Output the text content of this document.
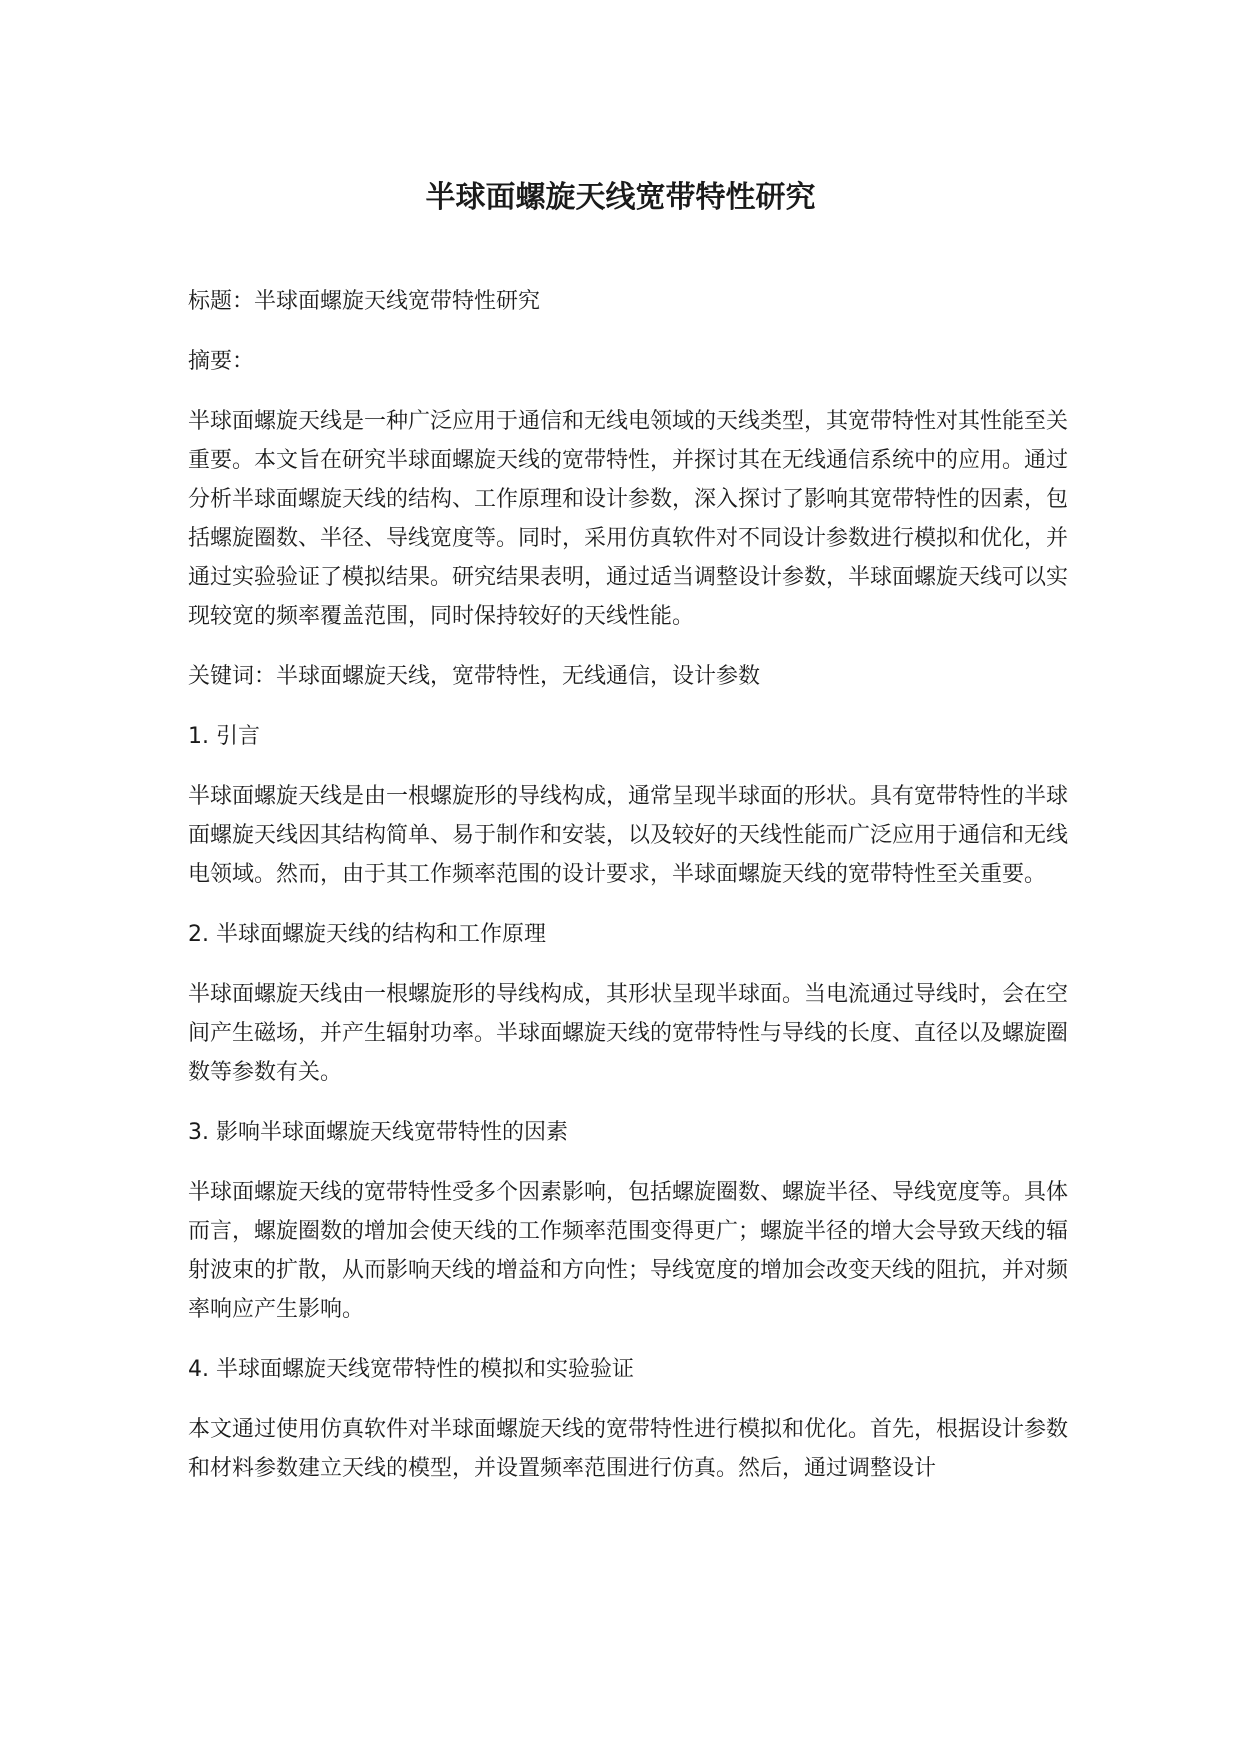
半球面螺旋天线宽带特性研究

标题：半球面螺旋天线宽带特性研究

摘要：

半球面螺旋天线是一种广泛应用于通信和无线电领域的天线类型，其宽带特性对其性能至关重要。本文旨在研究半球面螺旋天线的宽带特性，并探讨其在无线通信系统中的应用。通过分析半球面螺旋天线的结构、工作原理和设计参数，深入探讨了影响其宽带特性的因素，包括螺旋圈数、半径、导线宽度等。同时，采用仿真软件对不同设计参数进行模拟和优化，并通过实验验证了模拟结果。研究结果表明，通过适当调整设计参数，半球面螺旋天线可以实现较宽的频率覆盖范围，同时保持较好的天线性能。

关键词：半球面螺旋天线，宽带特性，无线通信，设计参数

1. 引言

半球面螺旋天线是由一根螺旋形的导线构成，通常呈现半球面的形状。具有宽带特性的半球面螺旋天线因其结构简单、易于制作和安装，以及较好的天线性能而广泛应用于通信和无线电领域。然而，由于其工作频率范围的设计要求，半球面螺旋天线的宽带特性至关重要。

2. 半球面螺旋天线的结构和工作原理

半球面螺旋天线由一根螺旋形的导线构成，其形状呈现半球面。当电流通过导线时，会在空间产生磁场，并产生辐射功率。半球面螺旋天线的宽带特性与导线的长度、直径以及螺旋圈数等参数有关。

3. 影响半球面螺旋天线宽带特性的因素

半球面螺旋天线的宽带特性受多个因素影响，包括螺旋圈数、螺旋半径、导线宽度等。具体而言，螺旋圈数的增加会使天线的工作频率范围变得更广；螺旋半径的增大会导致天线的辐射波束的扩散，从而影响天线的增益和方向性；导线宽度的增加会改变天线的阻抗，并对频率响应产生影响。

4. 半球面螺旋天线宽带特性的模拟和实验验证

本文通过使用仿真软件对半球面螺旋天线的宽带特性进行模拟和优化。首先，根据设计参数和材料参数建立天线的模型，并设置频率范围进行仿真。然后，通过调整设计
